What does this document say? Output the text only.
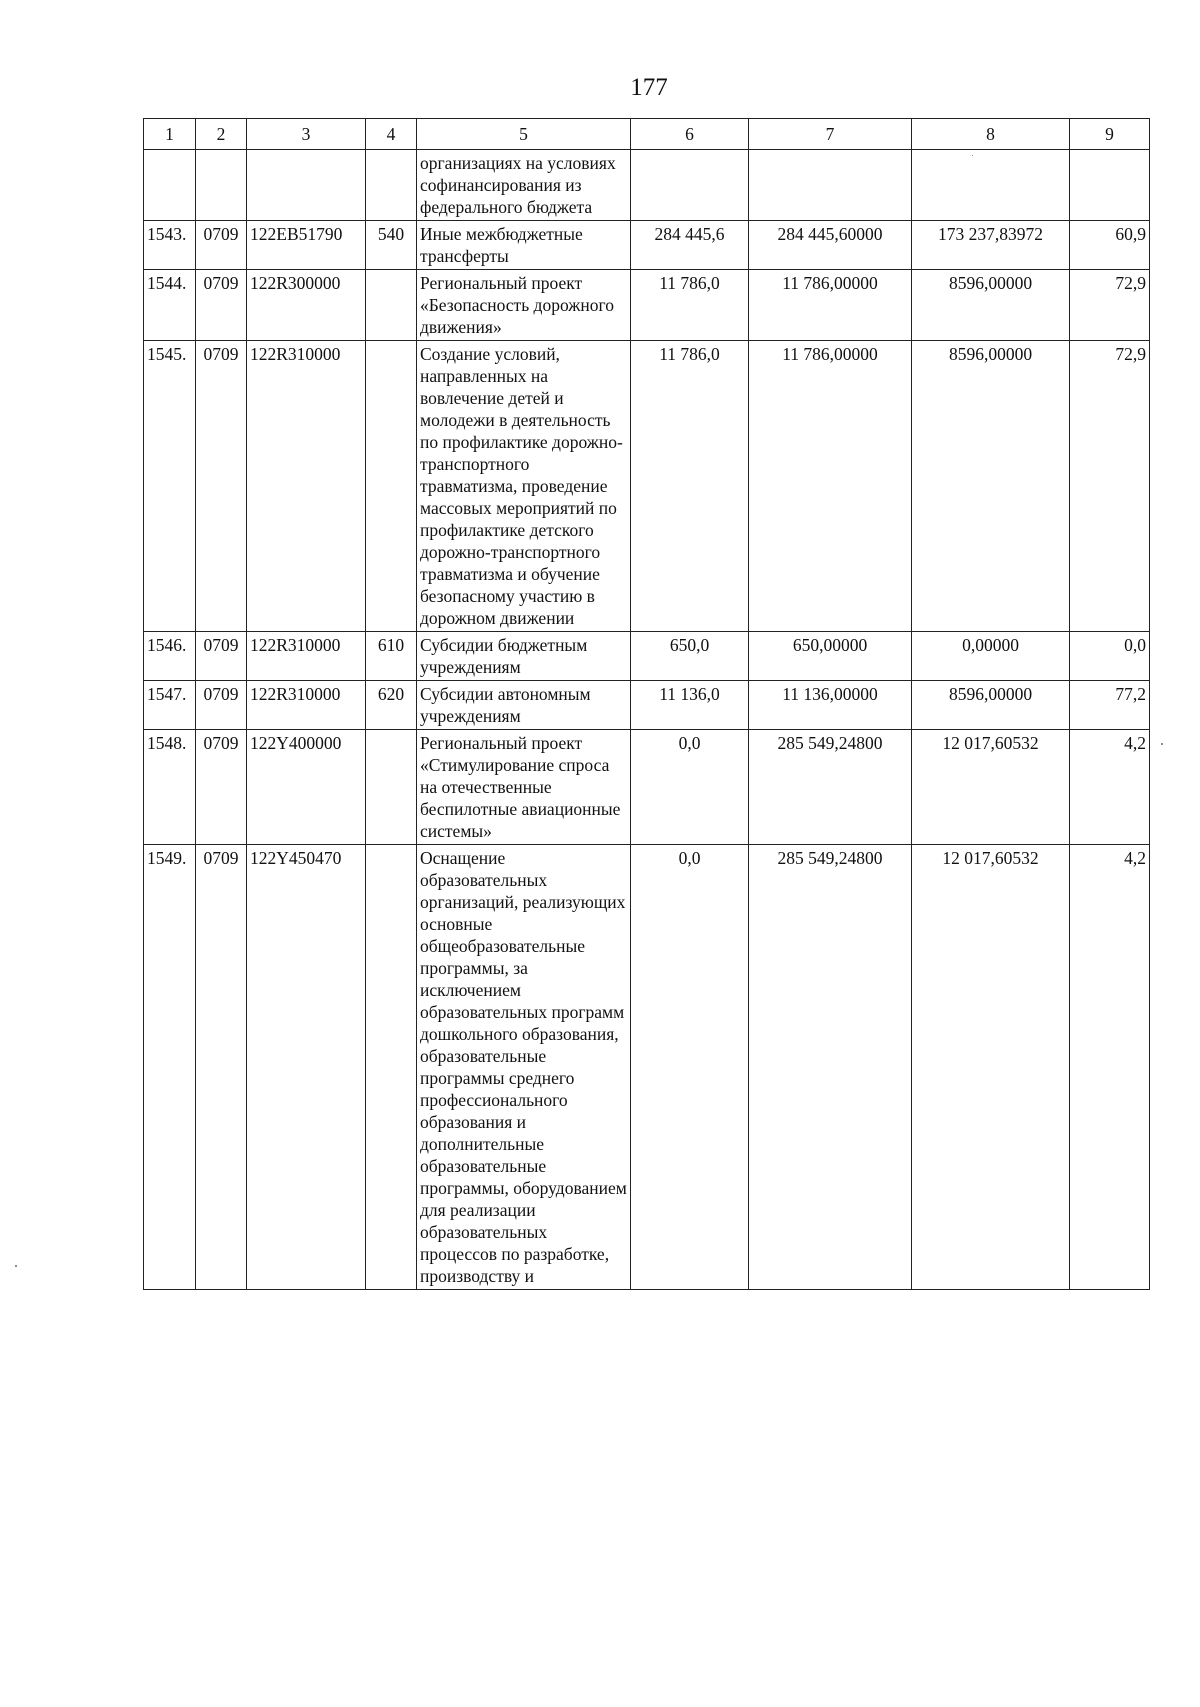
177
1	2	3	4	5	6	7	8	9
				организациях на условиях софинансирования из федерального бюджета				
1543.	0709	122EB51790	540	Иные межбюджетные трансферты	284 445,6	284 445,60000	173 237,83972	60,9
1544.	0709	122R300000		Региональный проект «Безопасность дорожного движения»	11 786,0	11 786,00000	8596,00000	72,9
1545.	0709	122R310000		Создание условий, направленных на вовлечение детей и молодежи в деятельность по профилактике дорожно-транспортного травматизма, проведение массовых мероприятий по профилактике детского дорожно-транспортного травматизма и обучение безопасному участию в дорожном движении	11 786,0	11 786,00000	8596,00000	72,9
1546.	0709	122R310000	610	Субсидии бюджетным учреждениям	650,0	650,00000	0,00000	0,0
1547.	0709	122R310000	620	Субсидии автономным учреждениям	11 136,0	11 136,00000	8596,00000	77,2
1548.	0709	122Y400000		Региональный проект «Стимулирование спроса на отечественные беспилотные авиационные системы»	0,0	285 549,24800	12 017,60532	4,2
1549.	0709	122Y450470		Оснащение образовательных организаций, реализующих основные общеобразовательные программы, за исключением образовательных программ дошкольного образования, образовательные программы среднего профессионального образования и дополнительные образовательные программы, оборудованием для реализации образовательных процессов по разработке, производству и	0,0	285 549,24800	12 017,60532	4,2
